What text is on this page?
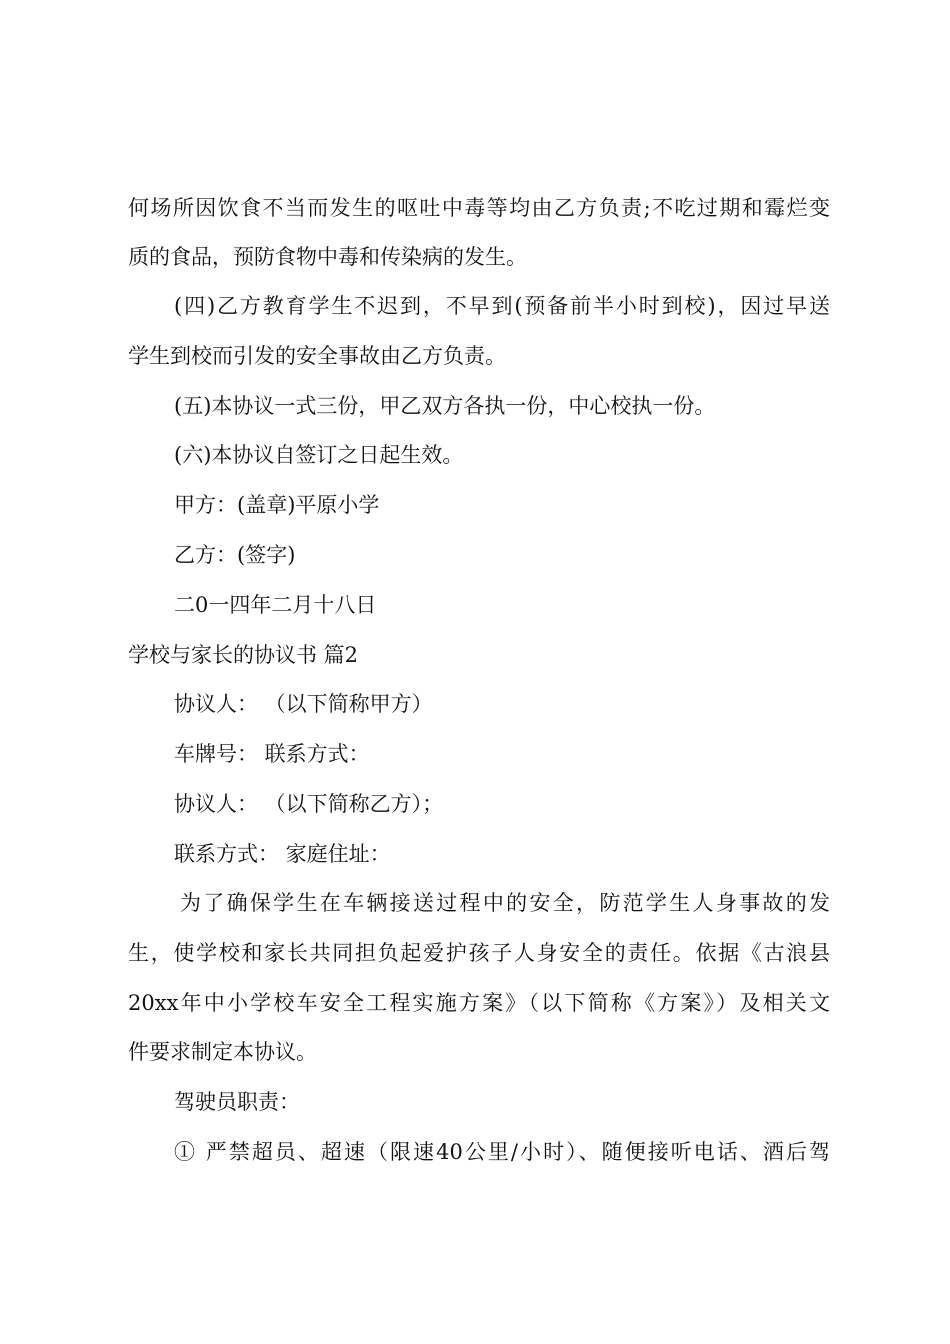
何场所因饮食不当而发生的呕吐中毒等均由乙方负责;不吃过期和霉烂变
质的食品，预防食物中毒和传染病的发生。
(四)乙方教育学生不迟到，不早到(预备前半小时到校)，因过早送
学生到校而引发的安全事故由乙方负责。
(五)本协议一式三份，甲乙双方各执一份，中心校执一份。
(六)本协议自签订之日起生效。
甲方：(盖章)平原小学
乙方：(签字)
二0一四年二月十八日
学校与家长的协议书 篇2
协议人： （以下简称甲方）
车牌号： 联系方式：
协议人： （以下简称乙方）；
联系方式： 家庭住址：
为了确保学生在车辆接送过程中的安全，防范学生人身事故的发
生，使学校和家长共同担负起爱护孩子人身安全的责任。依据《古浪县
20xx年中小学校车安全工程实施方案》（以下简称《方案》）及相关文
件要求制定本协议。
驾驶员职责：
① 严禁超员、超速（限速40公里/小时）、随便接听电话、酒后驾
